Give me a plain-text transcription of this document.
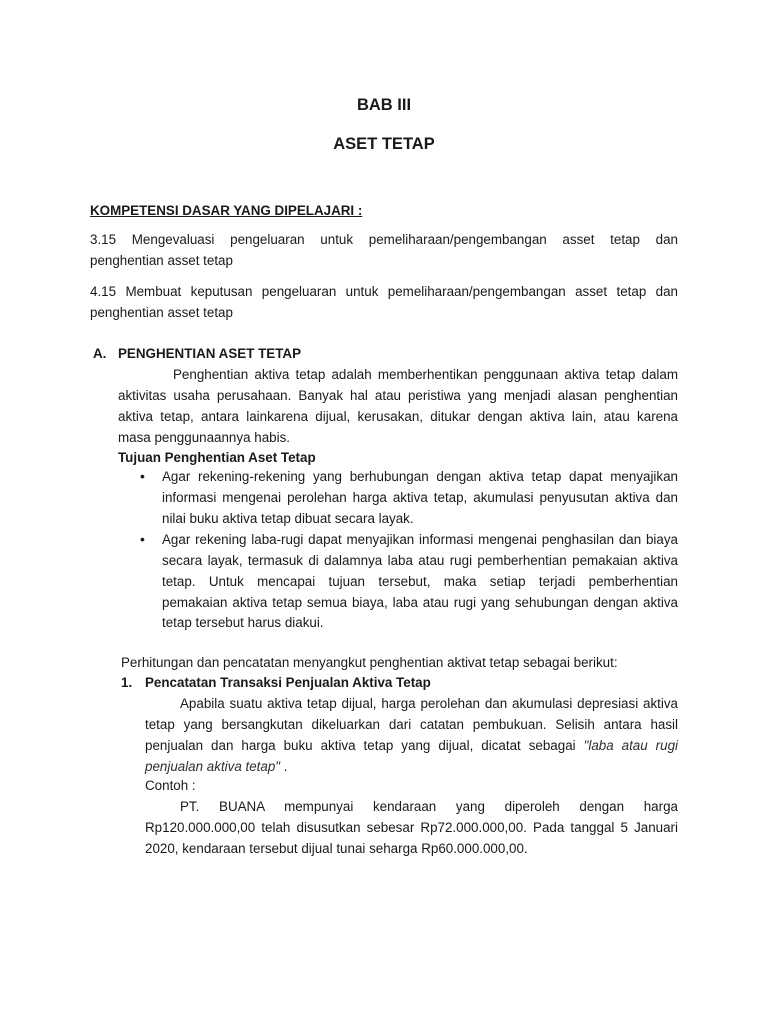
BAB III
ASET TETAP
KOMPETENSI DASAR YANG DIPELAJARI :
3.15 Mengevaluasi pengeluaran untuk pemeliharaan/pengembangan asset tetap dan
penghentian asset tetap
4.15 Membuat keputusan pengeluaran untuk pemeliharaan/pengembangan asset tetap dan
penghentian asset tetap
A. PENGHENTIAN ASET TETAP
Penghentian aktiva tetap adalah memberhentikan penggunaan aktiva tetap dalam
aktivitas usaha perusahaan. Banyak hal atau peristiwa yang menjadi alasan penghentian
aktiva tetap, antara lainkarena dijual, kerusakan, ditukar dengan aktiva lain, atau karena
masa penggunaannya habis.
Tujuan Penghentian Aset Tetap
• Agar rekening-rekening yang berhubungan dengan aktiva tetap dapat menyajikan
informasi mengenai perolehan harga aktiva tetap, akumulasi penyusutan aktiva dan
nilai buku aktiva tetap dibuat secara layak.
• Agar rekening laba-rugi dapat menyajikan informasi mengenai penghasilan dan biaya
secara layak, termasuk di dalamnya laba atau rugi pemberhentian pemakaian aktiva
tetap. Untuk mencapai tujuan tersebut, maka setiap terjadi pemberhentian
pemakaian aktiva tetap semua biaya, laba atau rugi yang sehubungan dengan aktiva
tetap tersebut harus diakui.
Perhitungan dan pencatatan menyangkut penghentian aktivat tetap sebagai berikut:
1. Pencatatan Transaksi Penjualan Aktiva Tetap
Apabila suatu aktiva tetap dijual, harga perolehan dan akumulasi depresiasi aktiva
tetap yang bersangkutan dikeluarkan dari catatan pembukuan. Selisih antara hasil
penjualan dan harga buku aktiva tetap yang dijual, dicatat sebagai "laba atau rugi
penjualan aktiva tetap" .
Contoh :
PT. BUANA mempunyai kendaraan yang diperoleh dengan harga
Rp120.000.000,00 telah disusutkan sebesar Rp72.000.000,00. Pada tanggal 5 Januari
2020, kendaraan tersebut dijual tunai seharga Rp60.000.000,00.
